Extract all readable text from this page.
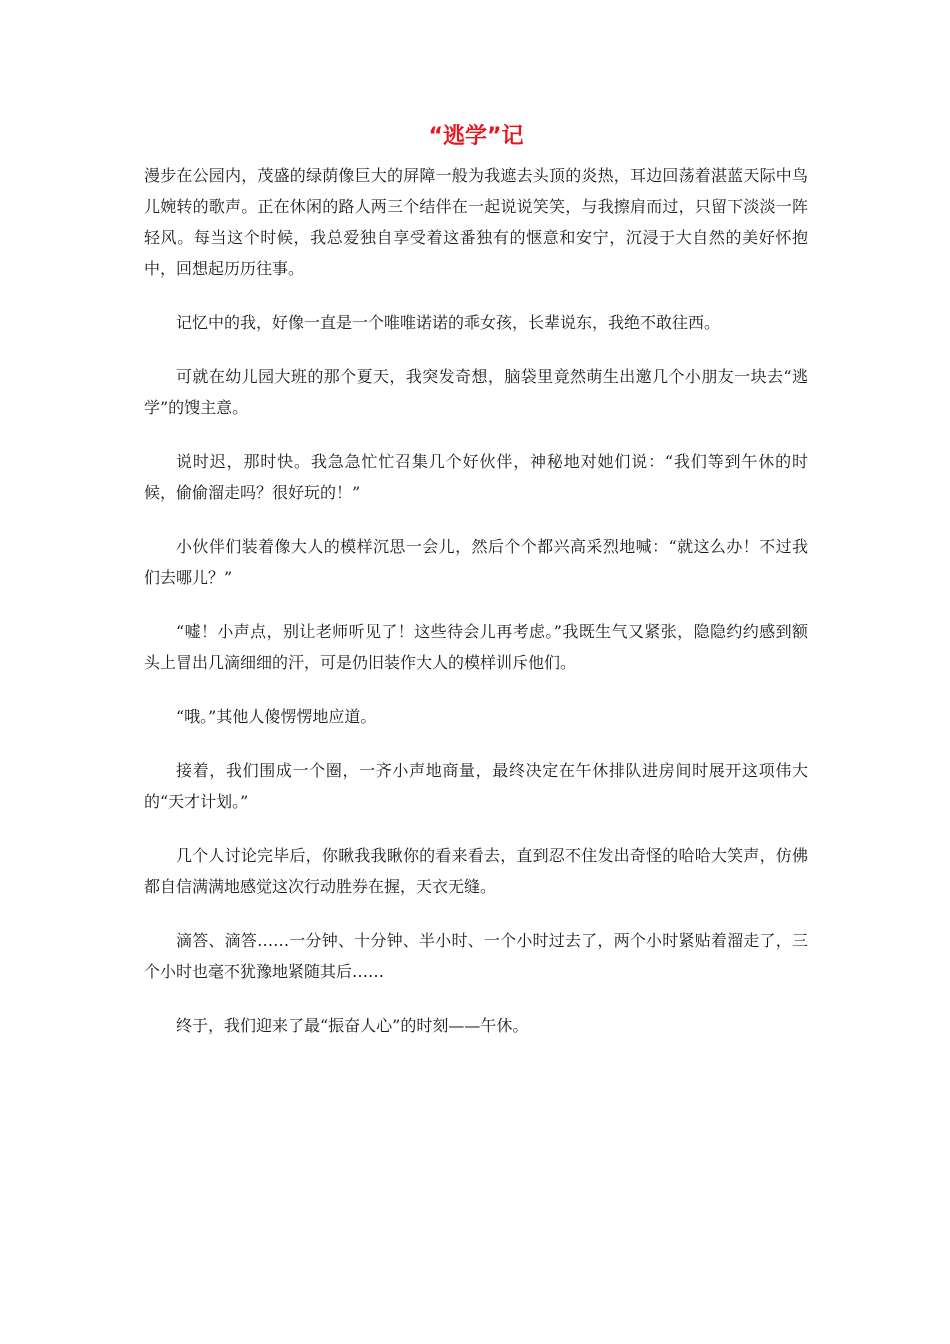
“逃学”记

漫步在公园内，茂盛的绿荫像巨大的屏障一般为我遮去头顶的炎热，耳边回荡着湛蓝天际中鸟儿婉转的歌声。正在休闲的路人两三个结伴在一起说说笑笑，与我擦肩而过，只留下淡淡一阵轻风。每当这个时候，我总爱独自享受着这番独有的惬意和安宁，沉浸于大自然的美好怀抱中，回想起历历往事。

记忆中的我，好像一直是一个唯唯诺诺的乖女孩，长辈说东，我绝不敢往西。

可就在幼儿园大班的那个夏天，我突发奇想，脑袋里竟然萌生出邀几个小朋友一块去“逃学”的馊主意。

说时迟，那时快。我急急忙忙召集几个好伙伴，神秘地对她们说：“我们等到午休的时候，偷偷溜走吗？很好玩的！”

小伙伴们装着像大人的模样沉思一会儿，然后个个都兴高采烈地喊：“就这么办！不过我们去哪儿？”

“嘘！小声点，别让老师听见了！这些待会儿再考虑。”我既生气又紧张，隐隐约约感到额头上冒出几滴细细的汗，可是仍旧装作大人的模样训斥他们。

“哦。”其他人傻愣愣地应道。

接着，我们围成一个圈，一齐小声地商量，最终决定在午休排队进房间时展开这项伟大的“天才计划。”

几个人讨论完毕后，你瞅我我瞅你的看来看去，直到忍不住发出奇怪的哈哈大笑声，仿佛都自信满满地感觉这次行动胜券在握，天衣无缝。

滴答、滴答……一分钟、十分钟、半小时、一个小时过去了，两个小时紧贴着溜走了，三个小时也毫不犹豫地紧随其后……

终于，我们迎来了最“振奋人心”的时刻——午休。
